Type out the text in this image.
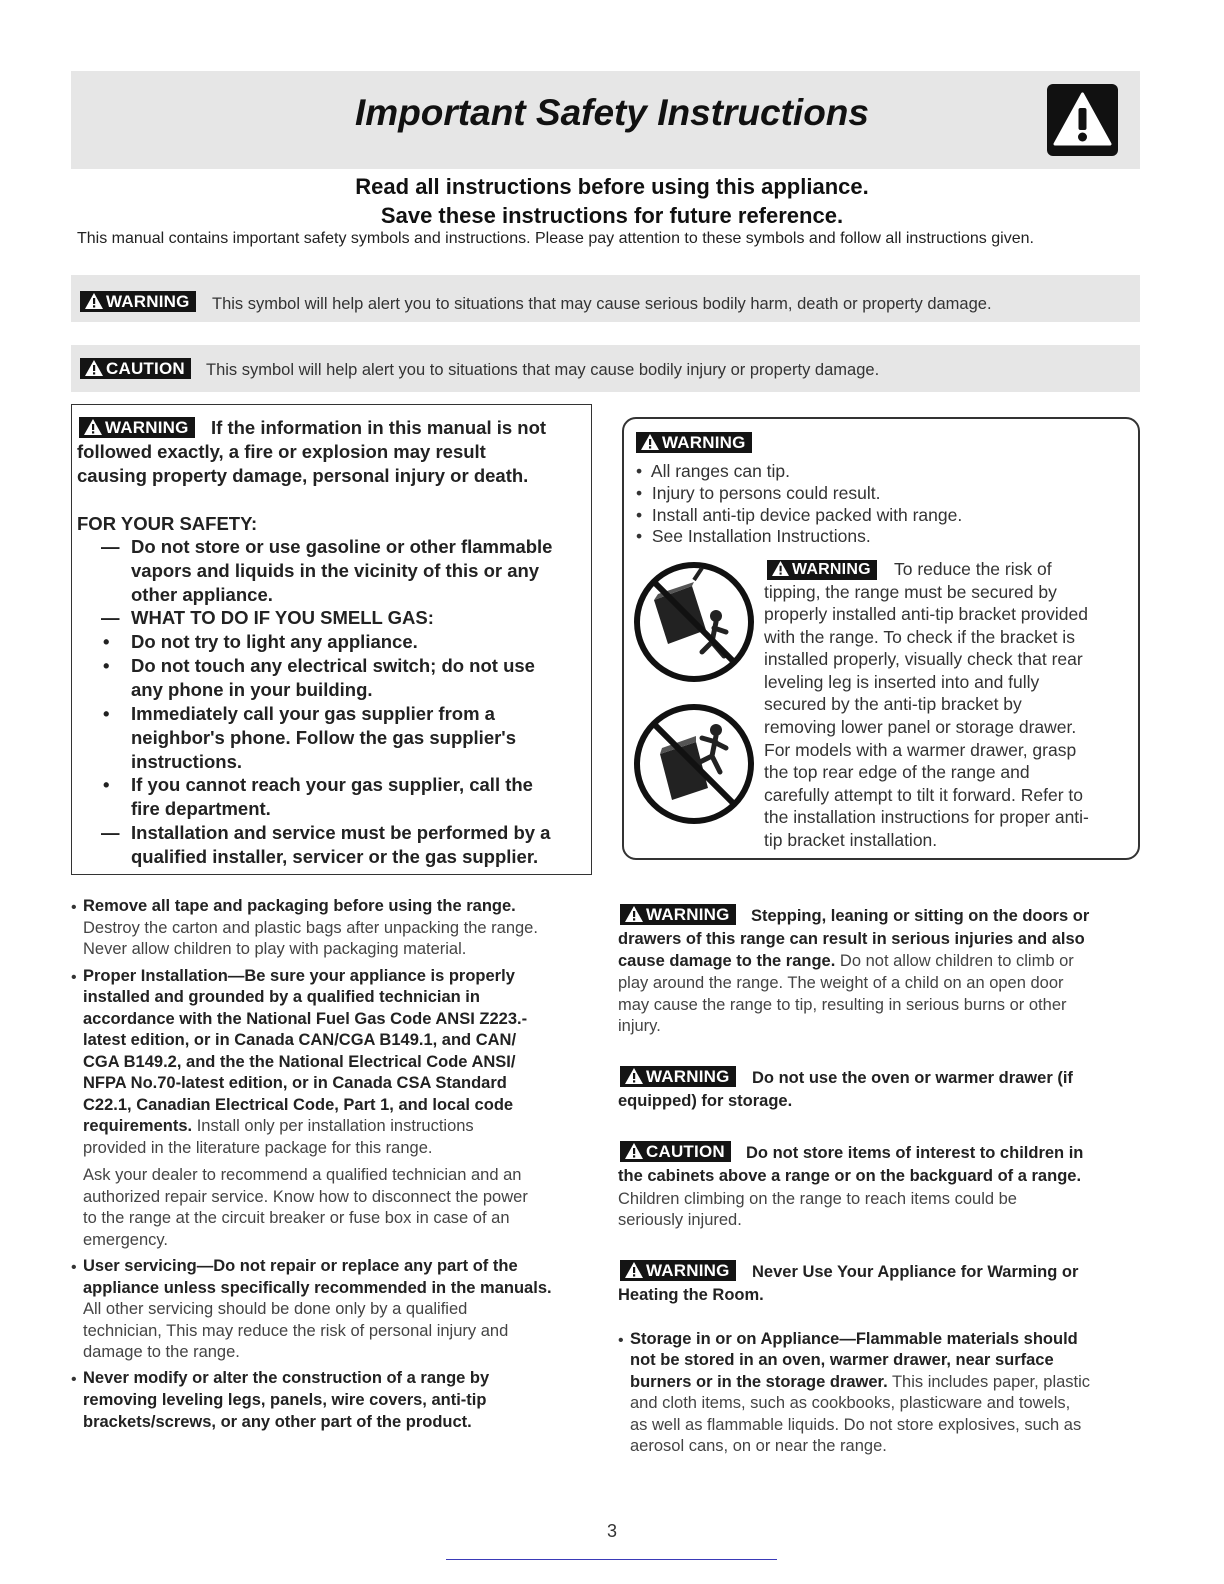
Important Safety Instructions
Read all instructions before using this appliance.
Save these instructions for future reference.
This manual contains important safety symbols and instructions. Please pay attention to these symbols and follow all instructions given.
WARNING	This symbol will help alert you to situations that may cause serious bodily harm, death or property damage.
CAUTION	This symbol will help alert you to situations that may cause bodily injury or property damage.
WARNING	If the information in this manual is not
followed exactly, a fire or explosion may result
causing property damage, personal injury or death.
FOR YOUR SAFETY:
— Do not store or use gasoline or other flammable
vapors and liquids in the vicinity of this or any
other appliance.
— WHAT TO DO IF YOU SMELL GAS:
• Do not try to light any appliance.
• Do not touch any electrical switch; do not use
any phone in your building.
• Immediately call your gas supplier from a
neighbor's phone. Follow the gas supplier's
instructions.
• If you cannot reach your gas supplier, call the
fire department.
— Installation and service must be performed by a
qualified installer, servicer or the gas supplier.
WARNING
• All ranges can tip.
• Injury to persons could result.
• Install anti-tip device packed with range.
• See Installation Instructions.
WARNING	To reduce the risk of
tipping, the range must be secured by
properly installed anti-tip bracket provided
with the range. To check if the bracket is
installed properly, visually check that rear
leveling leg is inserted into and fully
secured by the anti-tip bracket by
removing lower panel or storage drawer.
For models with a warmer drawer, grasp
the top rear edge of the range and
carefully attempt to tilt it forward. Refer to
the installation instructions for proper anti-
tip bracket installation.
• Remove all tape and packaging before using the range.
Destroy the carton and plastic bags after unpacking the range.
Never allow children to play with packaging material.
• Proper Installation—Be sure your appliance is properly
installed and grounded by a qualified technician in
accordance with the National Fuel Gas Code ANSI Z223.-
latest edition, or in Canada CAN/CGA B149.1, and CAN/
CGA B149.2, and the the National Electrical Code ANSI/
NFPA No.70-latest edition, or in Canada CSA Standard
C22.1, Canadian Electrical Code, Part 1, and local code
requirements. Install only per installation instructions
provided in the literature package for this range.
Ask your dealer to recommend a qualified technician and an
authorized repair service. Know how to disconnect the power
to the range at the circuit breaker or fuse box in case of an
emergency.
• User servicing—Do not repair or replace any part of the
appliance unless specifically recommended in the manuals.
All other servicing should be done only by a qualified
technician, This may reduce the risk of personal injury and
damage to the range.
• Never modify or alter the construction of a range by
removing leveling legs, panels, wire covers, anti-tip
brackets/screws, or any other part of the product.
WARNING	Stepping, leaning or sitting on the doors or
drawers of this range can result in serious injuries and also
cause damage to the range. Do not allow children to climb or
play around the range. The weight of a child on an open door
may cause the range to tip, resulting in serious burns or other
injury.
WARNING	Do not use the oven or warmer drawer (if
equipped) for storage.
CAUTION	Do not store items of interest to children in
the cabinets above a range or on the backguard of a range.
Children climbing on the range to reach items could be
seriously injured.
WARNING	Never Use Your Appliance for Warming or
Heating the Room.
• Storage in or on Appliance—Flammable materials should
not be stored in an oven, warmer drawer, near surface
burners or in the storage drawer. This includes paper, plastic
and cloth items, such as cookbooks, plasticware and towels,
as well as flammable liquids. Do not store explosives, such as
aerosol cans, on or near the range.
3
